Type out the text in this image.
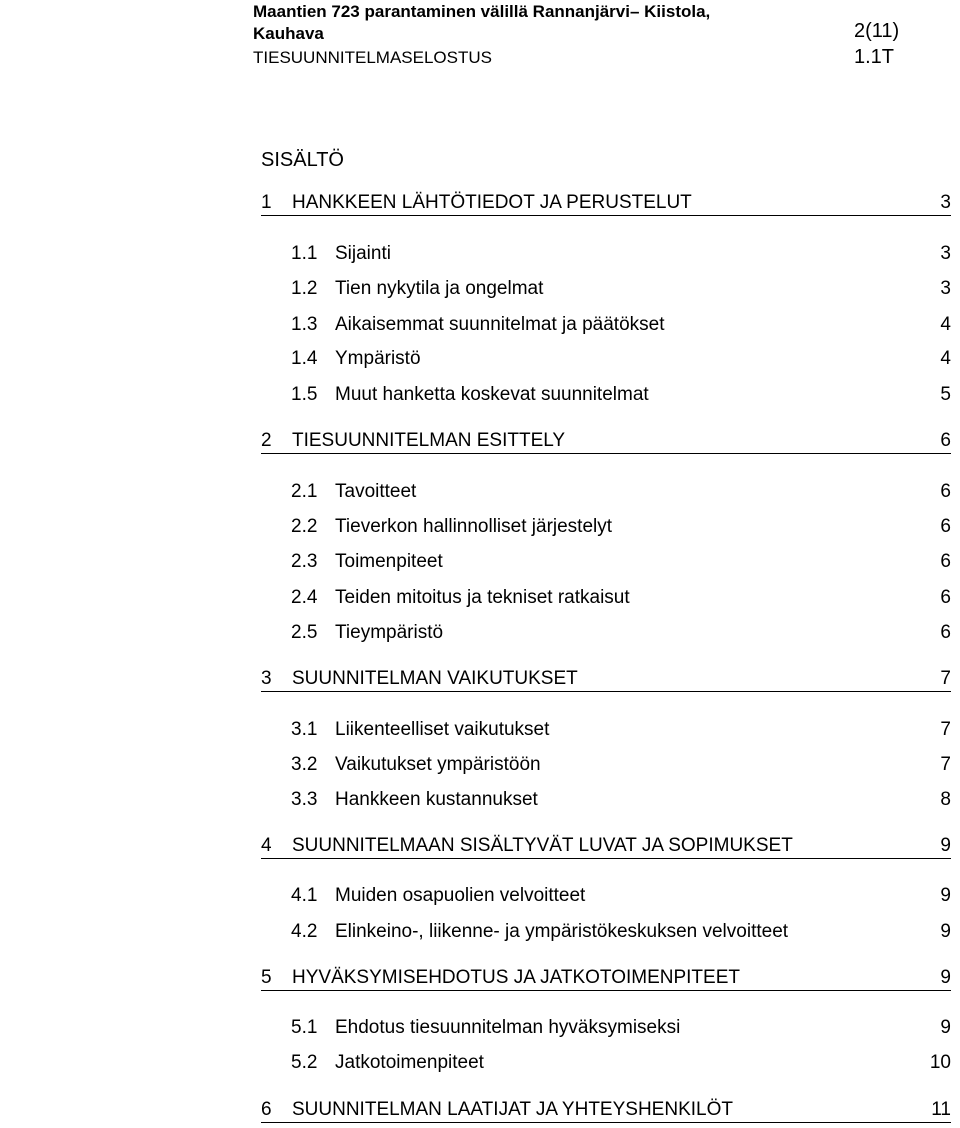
Maantien 723 parantaminen välillä Rannanjärvi– Kiistola,
Kauhava	2(11)
TIESUUNNITELMASELOSTUS	1.1T
SISÄLTÖ
1 HANKKEEN LÄHTÖTIEDOT JA PERUSTELUT	3
1.1 Sijainti	3
1.2 Tien nykytila ja ongelmat	3
1.3 Aikaisemmat suunnitelmat ja päätökset	4
1.4 Ympäristö	4
1.5 Muut hanketta koskevat suunnitelmat	5
2 TIESUUNNITELMAN ESITTELY	6
2.1 Tavoitteet	6
2.2 Tieverkon hallinnolliset järjestelyt	6
2.3 Toimenpiteet	6
2.4 Teiden mitoitus ja tekniset ratkaisut	6
2.5 Tieympäristö	6
3 SUUNNITELMAN VAIKUTUKSET	7
3.1 Liikenteelliset vaikutukset	7
3.2 Vaikutukset ympäristöön	7
3.3 Hankkeen kustannukset	8
4 SUUNNITELMAAN SISÄLTYVÄT LUVAT JA SOPIMUKSET	9
4.1 Muiden osapuolien velvoitteet	9
4.2 Elinkeino-, liikenne- ja ympäristökeskuksen velvoitteet	9
5 HYVÄKSYMISEHDOTUS JA JATKOTOIMENPITEET	9
5.1 Ehdotus tiesuunnitelman hyväksymiseksi	9
5.2 Jatkotoimenpiteet	10
6 SUUNNITELMAN LAATIJAT JA YHTEYSHENKILÖT	11
